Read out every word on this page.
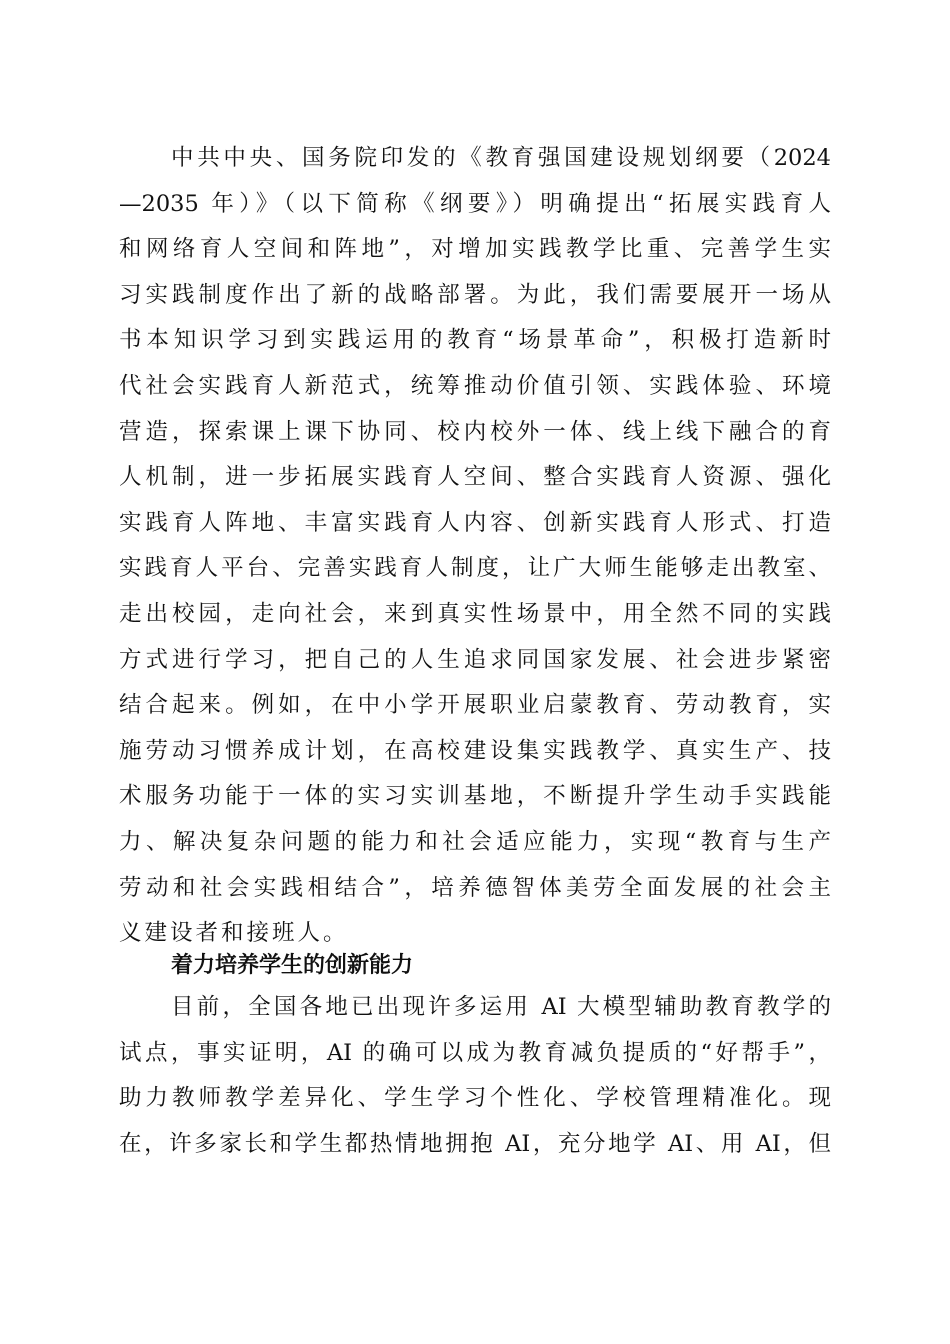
中共中央、国务院印发的《教育强国建设规划纲要（2024
—2035 年）》（以下简称《纲要》）明确提出“拓展实践育人
和网络育人空间和阵地”，对增加实践教学比重、完善学生实
习实践制度作出了新的战略部署。为此，我们需要展开一场从
书本知识学习到实践运用的教育“场景革命”，积极打造新时
代社会实践育人新范式，统筹推动价值引领、实践体验、环境
营造，探索课上课下协同、校内校外一体、线上线下融合的育
人机制，进一步拓展实践育人空间、整合实践育人资源、强化
实践育人阵地、丰富实践育人内容、创新实践育人形式、打造
实践育人平台、完善实践育人制度，让广大师生能够走出教室、
走出校园，走向社会，来到真实性场景中，用全然不同的实践
方式进行学习，把自己的人生追求同国家发展、社会进步紧密
结合起来。例如，在中小学开展职业启蒙教育、劳动教育，实
施劳动习惯养成计划，在高校建设集实践教学、真实生产、技
术服务功能于一体的实习实训基地，不断提升学生动手实践能
力、解决复杂问题的能力和社会适应能力，实现“教育与生产
劳动和社会实践相结合”，培养德智体美劳全面发展的社会主
义建设者和接班人。
着力培养学生的创新能力
目前，全国各地已出现许多运用 AI 大模型辅助教育教学的
试点，事实证明，AI 的确可以成为教育减负提质的“好帮手”，
助力教师教学差异化、学生学习个性化、学校管理精准化。现
在，许多家长和学生都热情地拥抱 AI，充分地学 AI、用 AI，但
